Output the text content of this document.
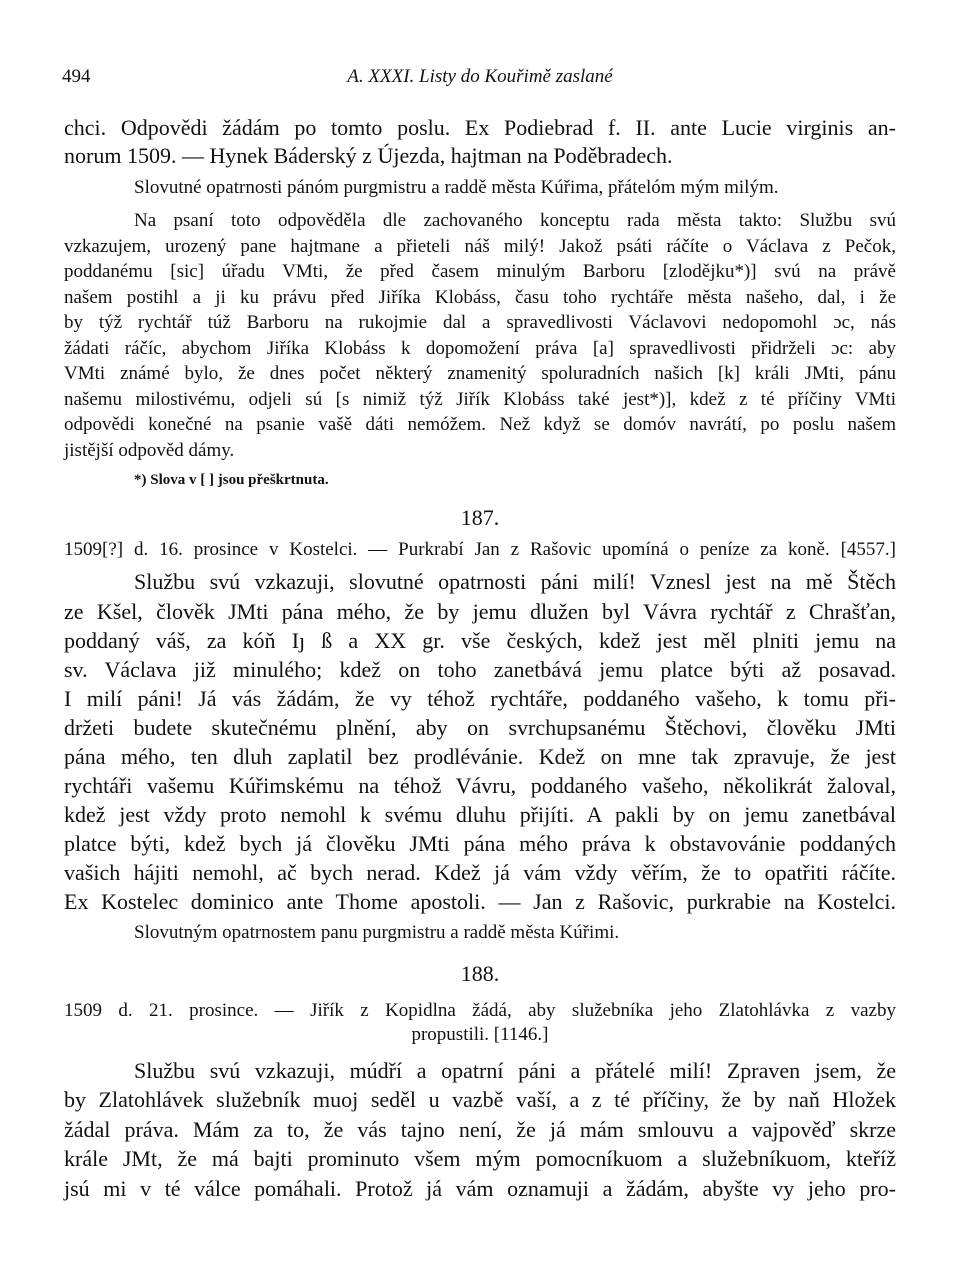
494	A. XXXI. Listy do Kouřimě zaslané
chci. Odpovědi žádám po tomto poslu. Ex Podiebrad f. II. ante Lucie virginis an-
norum 1509. — Hynek Báderský z Újezda, hajtman na Poděbradech.
Slovutné opatrnosti pánóm purgmistru a raddě města Kúřima, přátelóm mým milým.
Na psaní toto odpověděla dle zachovaného konceptu rada města takto: Službu svú
vzkazujem, urozený pane hajtmane a přieteli náš milý! Jakož psáti ráčíte o Václava z Pečok,
poddanému [sic] úřadu VMti, že před časem minulým Barboru [zlodějku*)] svú na právě
našem postihl a ji ku právu před Jiříka Klobáss, času toho rychtáře města našeho, dal, i že
by týž rychtář túž Barboru na rukojmie dal a spravedlivosti Václavovi nedopomohl ɔc, nás
žádati ráčíc, abychom Jiříka Klobáss k dopomožení práva [a] spravedlivosti přidrželi ɔc: aby
VMti známé bylo, že dnes počet některý znamenitý spoluradních našich [k] králi JMti, pánu
našemu milostivému, odjeli sú [s nimiž týž Jiřík Klobáss také jest*)], kdež z té příčiny VMti
odpovědi konečné na psanie vašě dáti nemóžem. Než když se domóv navrátí, po poslu našem
jistější odpověd dámy.
*) Slova v [ ] jsou přeškrtnuta.
187.
1509[?] d. 16. prosince v Kostelci. — Purkrabí Jan z Rašovic upomíná o peníze za koně. [4557.]
Službu svú vzkazuji, slovutné opatrnosti páni milí! Vznesl jest na mě Štěch
ze Kšel, člověk JMti pána mého, že by jemu dlužen byl Vávra rychtář z Chrašťan,
poddaný váš, za kóň Iȷ ß a XX gr. vše českých, kdež jest měl plniti jemu na
sv. Václava již minulého; kdež on toho zanetbává jemu platce býti až posavad.
I milí páni! Já vás žádám, že vy téhož rychtáře, poddaného vašeho, k tomu při-
držeti budete skutečnému plnění, aby on svrchupsanému Štěchovi, člověku JMti
pána mého, ten dluh zaplatil bez prodlévánie. Kdež on mne tak zpravuje, že jest
rychtáři vašemu Kúřimskému na téhož Vávru, poddaného vašeho, několikrát žaloval,
kdež jest vždy proto nemohl k svému dluhu přijíti. A pakli by on jemu zanetbával
platce býti, kdež bych já člověku JMti pána mého práva k obstavovánie poddaných
vašich hájiti nemohl, ač bych nerad. Kdež já vám vždy věřím, že to opatřiti ráčíte.
Ex Kostelec dominico ante Thome apostoli. — Jan z Rašovic, purkrabie na Kostelci.
Slovutným opatrnostem panu purgmistru a raddě města Kúřimi.
188.
1509 d. 21. prosince. — Jiřík z Kopidlna žádá, aby služebníka jeho Zlatohlávka z vazby
propustili. [1146.]
Službu svú vzkazuji, múdří a opatrní páni a přátelé milí! Zpraven jsem, že
by Zlatohlávek služebník muoj seděl u vazbě vaší, a z té příčiny, že by naň Hložek
žádal práva. Mám za to, že vás tajno není, že já mám smlouvu a vajpověď skrze
krále JMt, že má bajti prominuto všem mým pomocníkuom a služebníkuom, kteříž
jsú mi v té válce pomáhali. Protož já vám oznamuji a žádám, abyšte vy jeho pro-
